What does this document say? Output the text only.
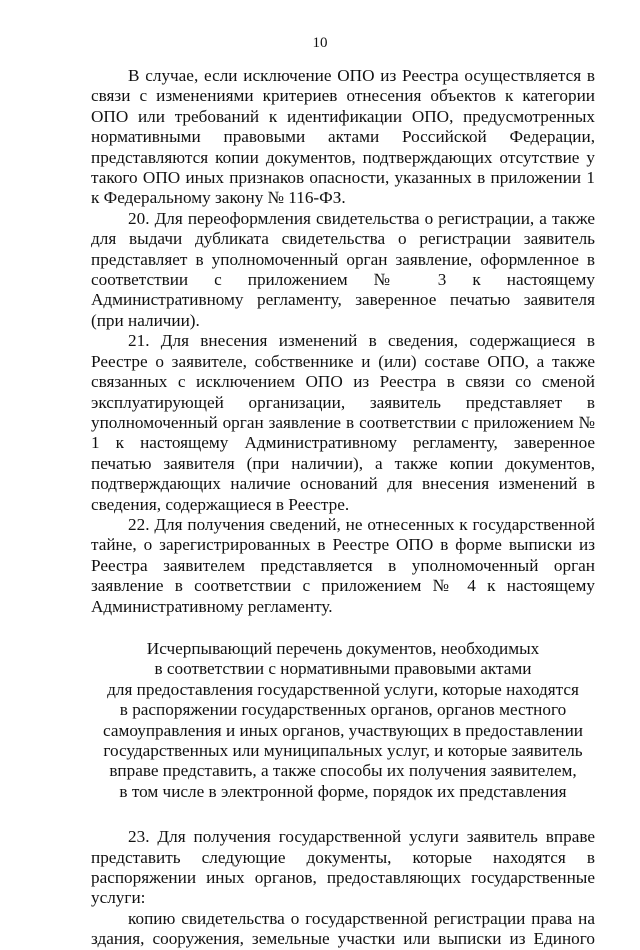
10

В случае, если исключение ОПО из Реестра осуществляется в связи с изменениями критериев отнесения объектов к категории ОПО или требований к идентификации ОПО, предусмотренных нормативными правовыми актами Российской Федерации, представляются копии документов, подтверждающих отсутствие у такого ОПО иных признаков опасности, указанных в приложении 1 к Федеральному закону № 116-ФЗ.

20. Для переоформления свидетельства о регистрации, а также для выдачи дубликата свидетельства о регистрации заявитель представляет в уполномоченный орган заявление, оформленное в соответствии с приложением № 3 к настоящему Административному регламенту, заверенное печатью заявителя (при наличии).

21. Для внесения изменений в сведения, содержащиеся в Реестре о заявителе, собственнике и (или) составе ОПО, а также связанных с исключением ОПО из Реестра в связи со сменой эксплуатирующей организации, заявитель представляет в уполномоченный орган заявление в соответствии с приложением № 1 к настоящему Административному регламенту, заверенное печатью заявителя (при наличии), а также копии документов, подтверждающих наличие оснований для внесения изменений в сведения, содержащиеся в Реестре.

22. Для получения сведений, не отнесенных к государственной тайне, о зарегистрированных в Реестре ОПО в форме выписки из Реестра заявителем представляется в уполномоченный орган заявление в соответствии с приложением № 4 к настоящему Административному регламенту.

Исчерпывающий перечень документов, необходимых
в соответствии с нормативными правовыми актами
для предоставления государственной услуги, которые находятся
в распоряжении государственных органов, органов местного
самоуправления и иных органов, участвующих в предоставлении
государственных или муниципальных услуг, и которые заявитель
вправе представить, а также способы их получения заявителем,
в том числе в электронной форме, порядок их представления

23. Для получения государственной услуги заявитель вправе представить следующие документы, которые находятся в распоряжении иных органов, предоставляющих государственные услуги:

копию свидетельства о государственной регистрации права на здания, сооружения, земельные участки или выписки из Единого
